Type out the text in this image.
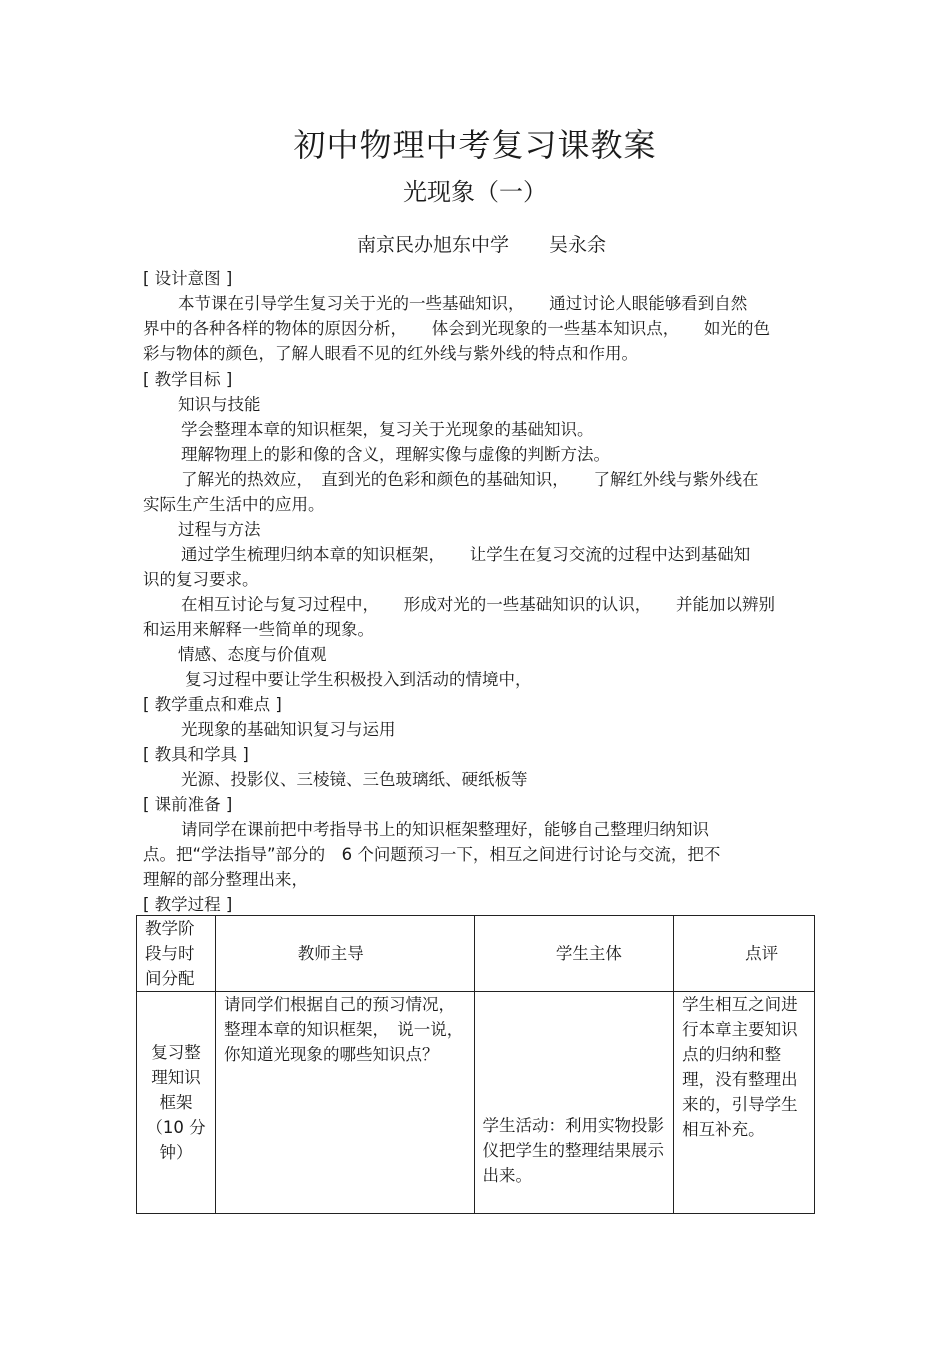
初中物理中考复习课教案
光现象（一）
南京民办旭东中学 吴永余
[ 设计意图 ]
本节课在引导学生复习关于光的一些基础知识，　　通过讨论人眼能够看到自然
界中的各种各样的物体的原因分析，　　体会到光现象的一些基本知识点，　　如光的色
彩与物体的颜色，了解人眼看不见的红外线与紫外线的特点和作用。
[ 教学目标 ]
知识与技能
学会整理本章的知识框架，复习关于光现象的基础知识。
理解物理上的影和像的含义，理解实像与虚像的判断方法。
了解光的热效应，　直到光的色彩和颜色的基础知识，　　了解红外线与紫外线在
实际生产生活中的应用。
过程与方法
通过学生梳理归纳本章的知识框架，　　让学生在复习交流的过程中达到基础知
识的复习要求。
在相互讨论与复习过程中，　　形成对光的一些基础知识的认识，　　并能加以辨别
和运用来解释一些简单的现象。
情感、态度与价值观
复习过程中要让学生积极投入到活动的情境中，
[ 教学重点和难点 ]
光现象的基础知识复习与运用
[ 教具和学具 ]
光源、投影仪、三棱镜、三色玻璃纸、硬纸板等
[ 课前准备 ]
请同学在课前把中考指导书上的知识框架整理好，能够自己整理归纳知识
点。把“学法指导”部分的　6 个问题预习一下，相互之间进行讨论与交流，把不
理解的部分整理出来，
[ 教学过程 ]
教学阶段与时间分配	教师主导	学生主体	点评

复习整理知识框架（10 分钟）	请同学们根据自己的预习情况，整理本章的知识框架，　说一说，你知道光现象的哪些知识点？	学生活动：利用实物投影仪把学生的整理结果展示出来。	学生相互之间进行本章主要知识点的归纳和整理，没有整理出来的，引导学生相互补充。
